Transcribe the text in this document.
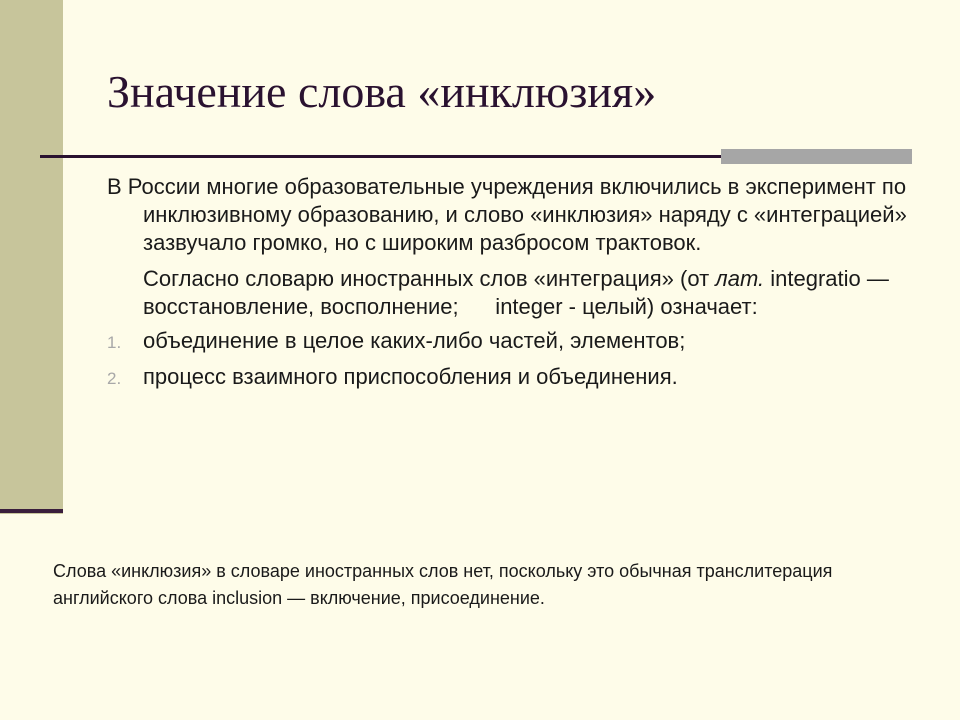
Значение слова «инклюзия»

В России многие образовательные учреждения включились в эксперимент по инклюзивному образованию, и слово «инклюзия» наряду с «интеграцией» зазвучало громко, но с широким разбросом трактовок.

Согласно словарю иностранных слов «интеграция» (от лат. integratio — восстановление, восполнение;      integer - целый) означает:

1. объединение в целое каких-либо частей, элементов;
2. процесс взаимного приспособления и объединения.

Слова «инклюзия» в словаре иностранных слов нет, поскольку это обычная транслитерация английского слова inclusion — включение, присоединение.
